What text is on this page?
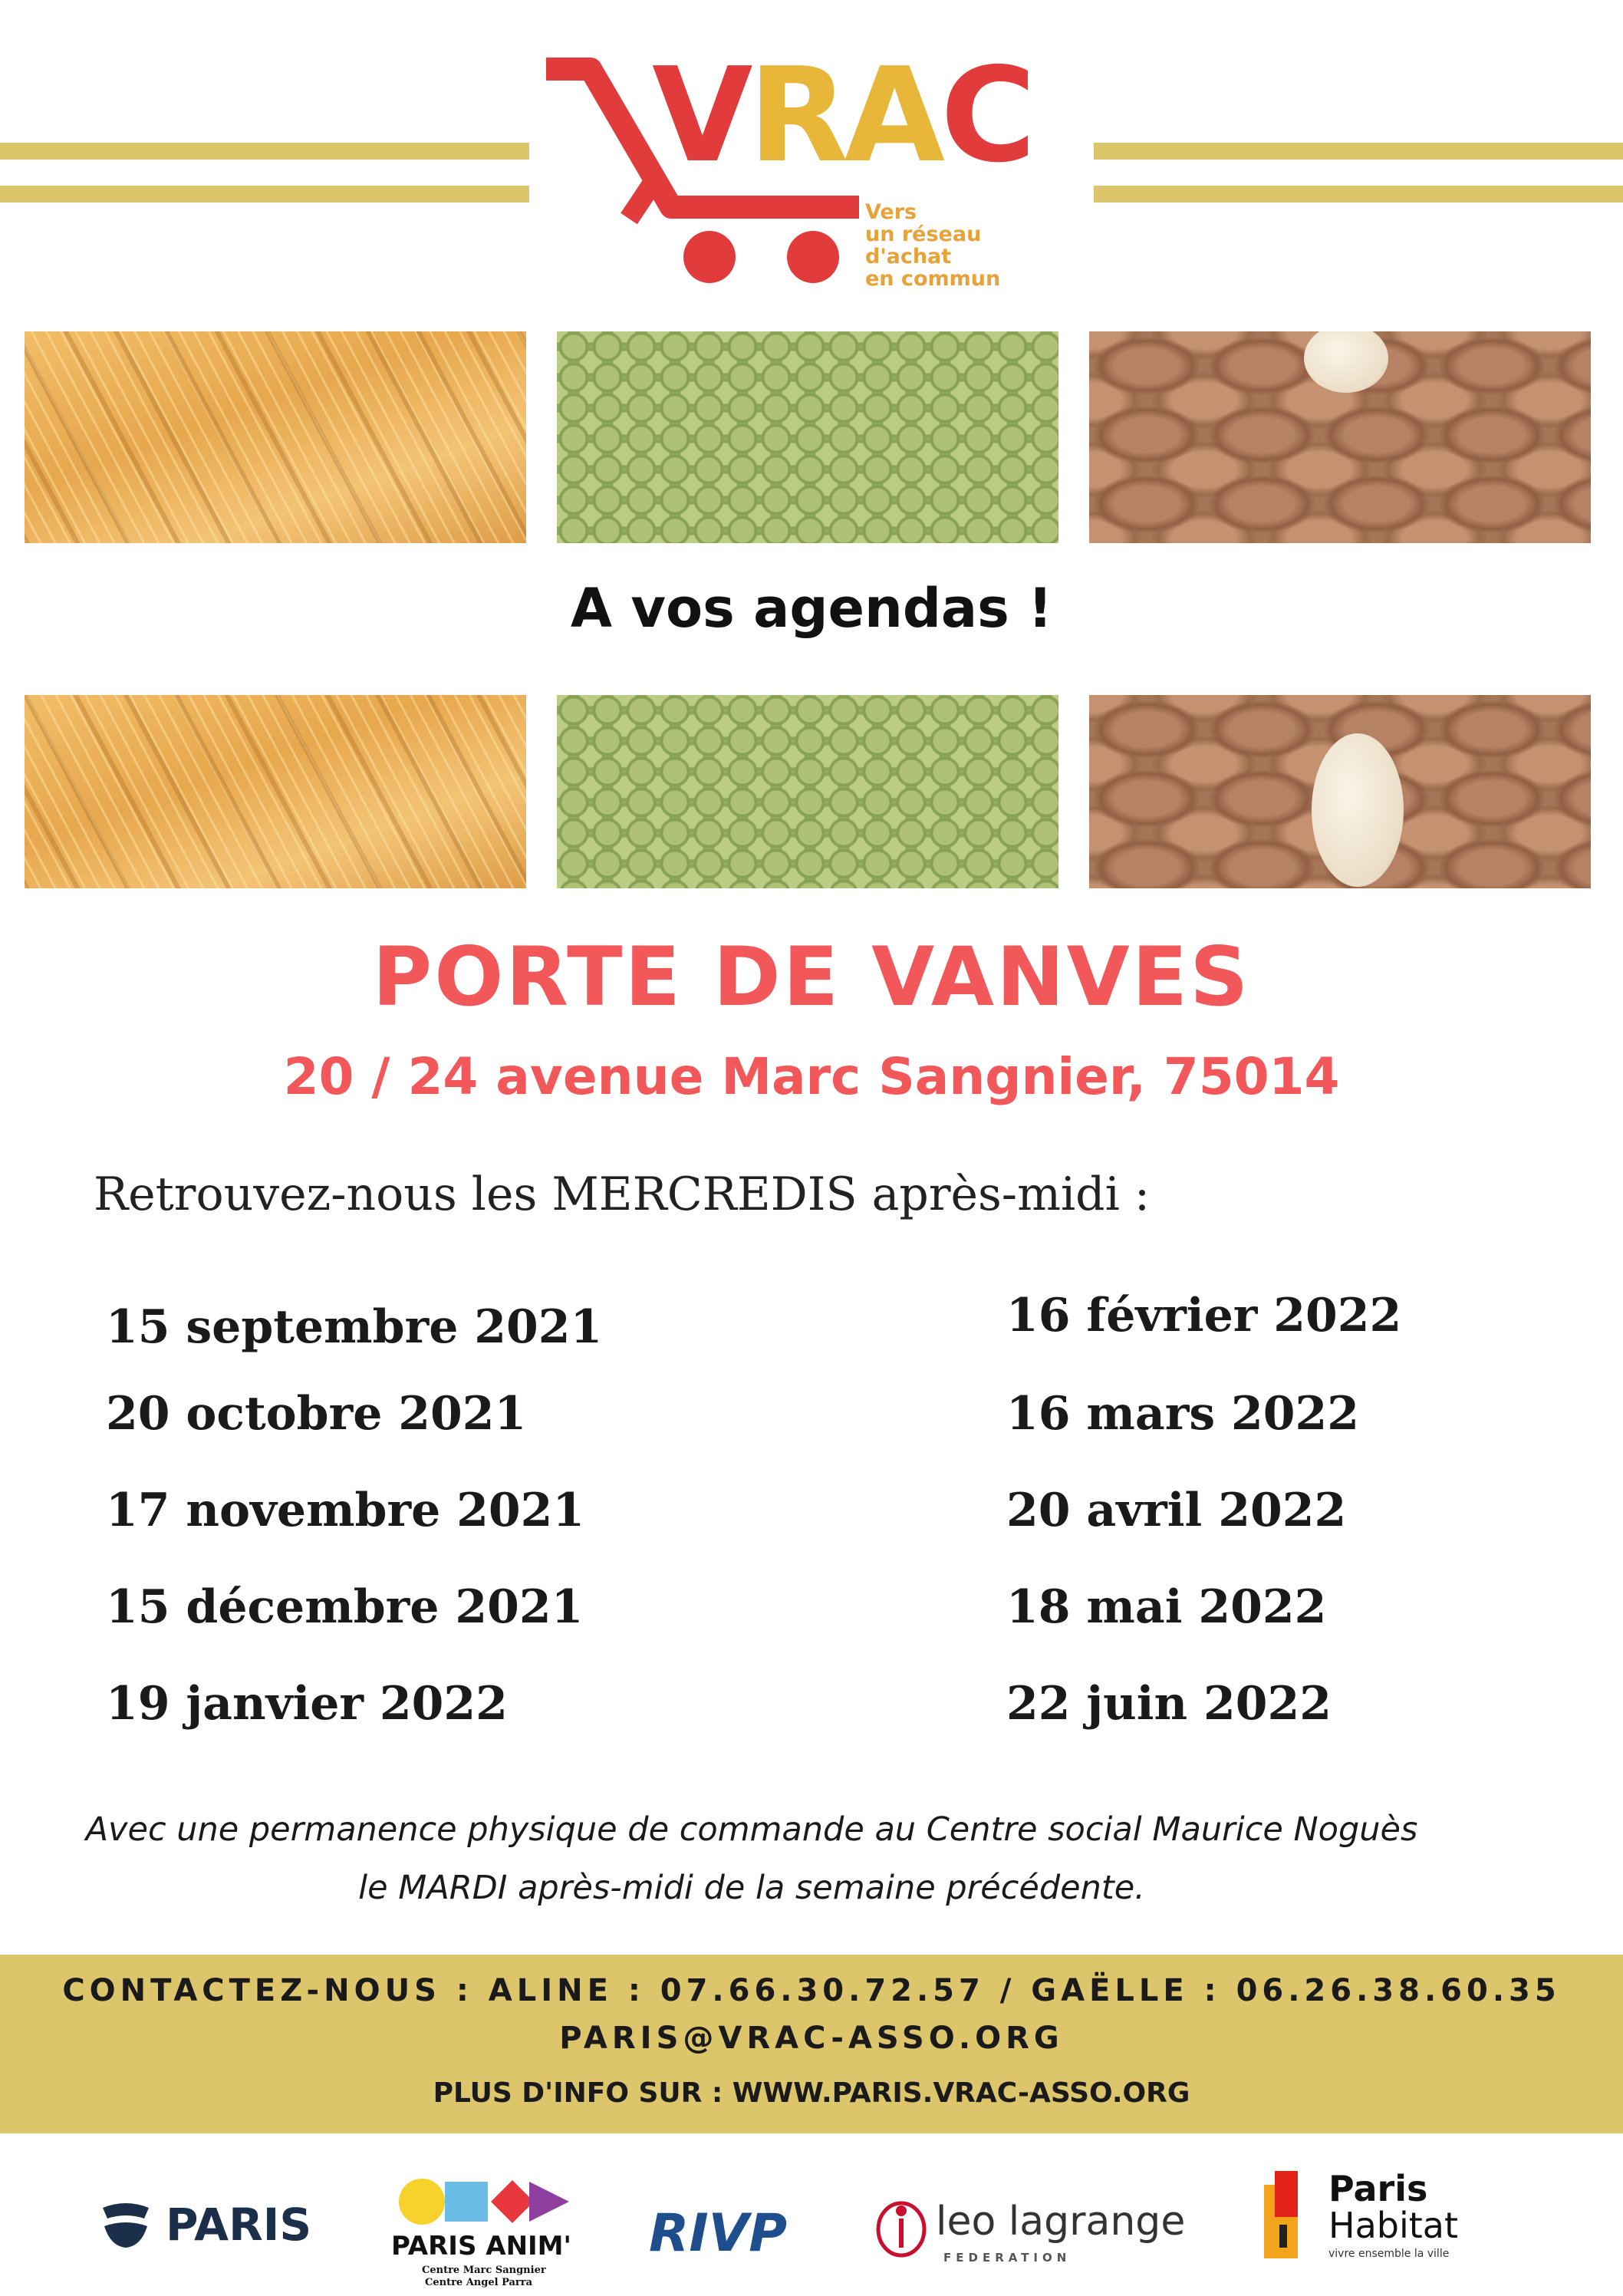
VRAC
Vers
un réseau
d'achat
en commun
A vos agendas !
PORTE DE VANVES
20 / 24 avenue Marc Sangnier, 75014
Retrouvez-nous les MERCREDIS après-midi :
15 septembre 2021
20 octobre 2021
17 novembre 2021
15 décembre 2021
19 janvier 2022
16 février 2022
16 mars 2022
20 avril 2022
18 mai 2022
22 juin 2022
Avec une permanence physique de commande au Centre social Maurice Noguès
le MARDI après-midi de la semaine précédente.
CONTACTEZ-NOUS : ALINE : 07.66.30.72.57 / GAËLLE : 06.26.38.60.35
PARIS@VRAC-ASSO.ORG
PLUS D'INFO SUR : WWW.PARIS.VRAC-ASSO.ORG
PARIS	PARIS ANIM'
Centre Marc Sangnier
Centre Angel Parra
RIVP	leo lagrange
FEDERATION
Paris
Habitat
vivre ensemble la ville
